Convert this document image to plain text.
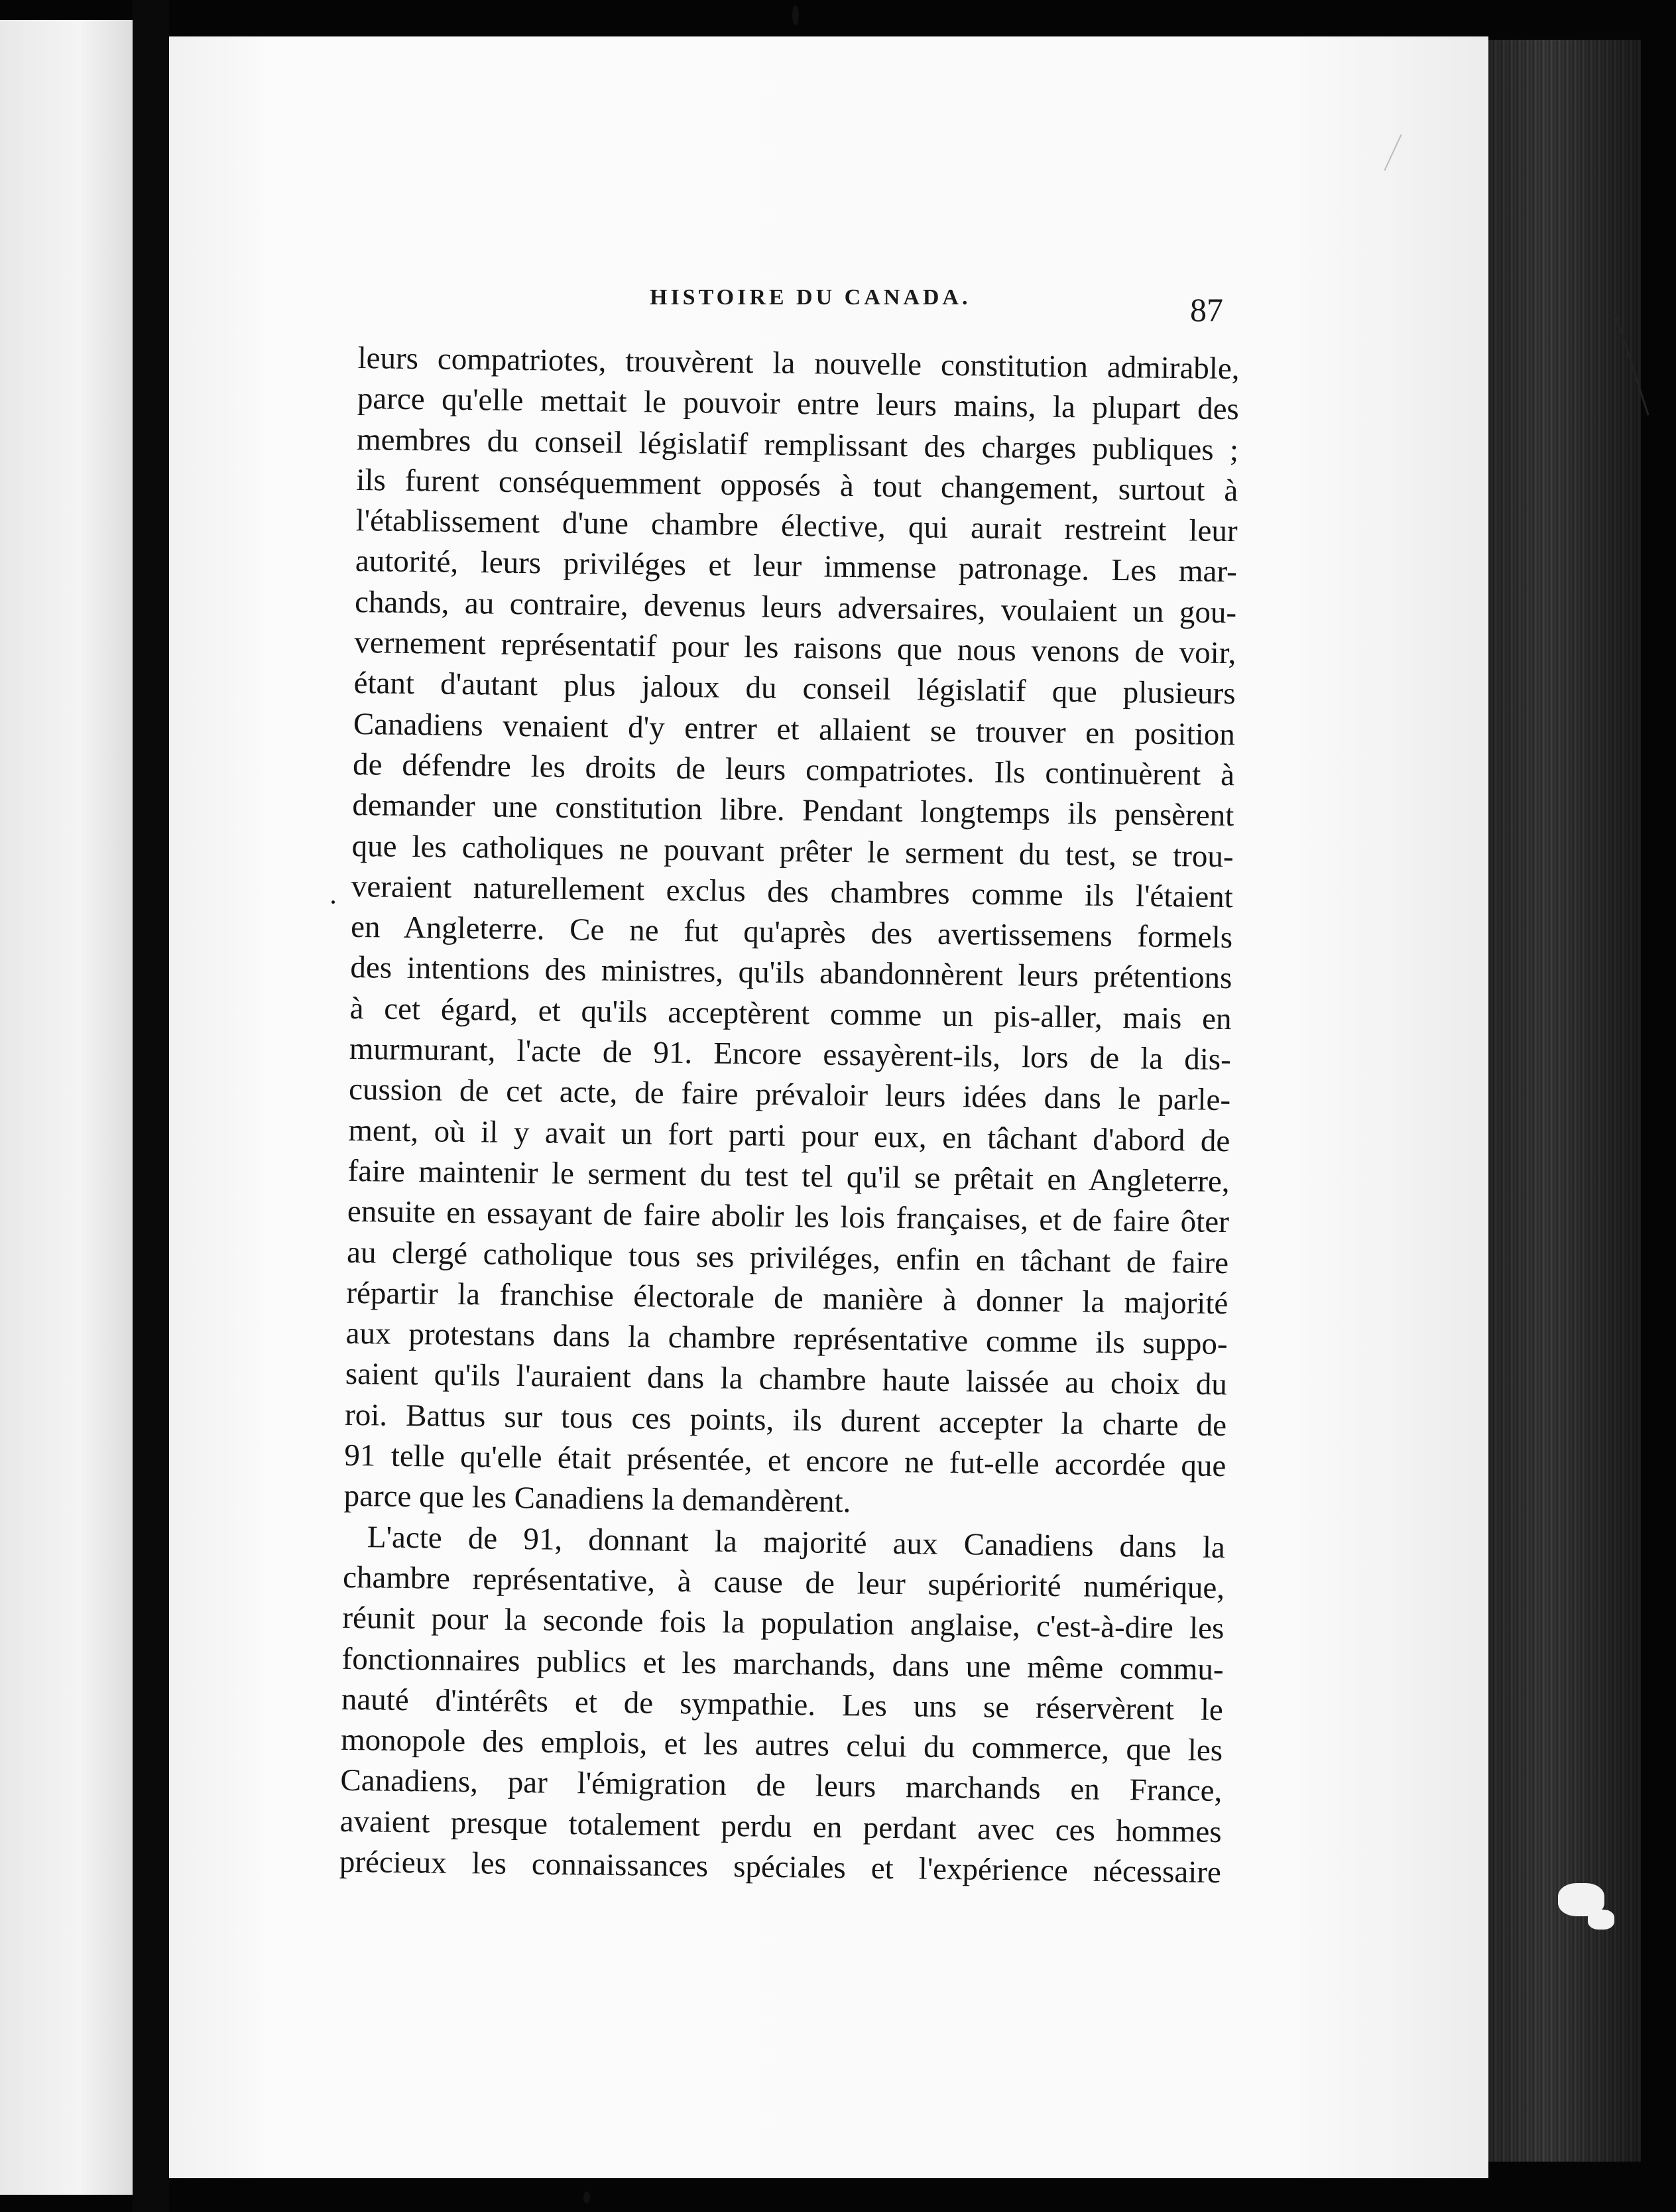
HISTOIRE DU CANADA.	87
leurs compatriotes, trouvèrent la nouvelle constitution admirable,
parce qu'elle mettait le pouvoir entre leurs mains, la plupart des
membres du conseil législatif remplissant des charges publiques ;
ils furent conséquemment opposés à tout changement, surtout à
l'établissement d'une chambre élective, qui aurait restreint leur
autorité, leurs priviléges et leur immense patronage. Les mar-
chands, au contraire, devenus leurs adversaires, voulaient un gou-
vernement représentatif pour les raisons que nous venons de voir,
étant d'autant plus jaloux du conseil législatif que plusieurs
Canadiens venaient d'y entrer et allaient se trouver en position
de défendre les droits de leurs compatriotes. Ils continuèrent à
demander une constitution libre. Pendant longtemps ils pensèrent
que les catholiques ne pouvant prêter le serment du test, se trou-
veraient naturellement exclus des chambres comme ils l'étaient
en Angleterre. Ce ne fut qu'après des avertissemens formels
des intentions des ministres, qu'ils abandonnèrent leurs prétentions
à cet égard, et qu'ils acceptèrent comme un pis-aller, mais en
murmurant, l'acte de 91. Encore essayèrent-ils, lors de la dis-
cussion de cet acte, de faire prévaloir leurs idées dans le parle-
ment, où il y avait un fort parti pour eux, en tâchant d'abord de
faire maintenir le serment du test tel qu'il se prêtait en Angleterre,
ensuite en essayant de faire abolir les lois françaises, et de faire ôter
au clergé catholique tous ses priviléges, enfin en tâchant de faire
répartir la franchise électorale de manière à donner la majorité
aux protestans dans la chambre représentative comme ils suppo-
saient qu'ils l'auraient dans la chambre haute laissée au choix du
roi. Battus sur tous ces points, ils durent accepter la charte de
91 telle qu'elle était présentée, et encore ne fut-elle accordée que
parce que les Canadiens la demandèrent.
L'acte de 91, donnant la majorité aux Canadiens dans la
chambre représentative, à cause de leur supériorité numérique,
réunit pour la seconde fois la population anglaise, c'est-à-dire les
fonctionnaires publics et les marchands, dans une même commu-
nauté d'intérêts et de sympathie. Les uns se réservèrent le
monopole des emplois, et les autres celui du commerce, que les
Canadiens, par l'émigration de leurs marchands en France,
avaient presque totalement perdu en perdant avec ces hommes
précieux les connaissances spéciales et l'expérience nécessaire
